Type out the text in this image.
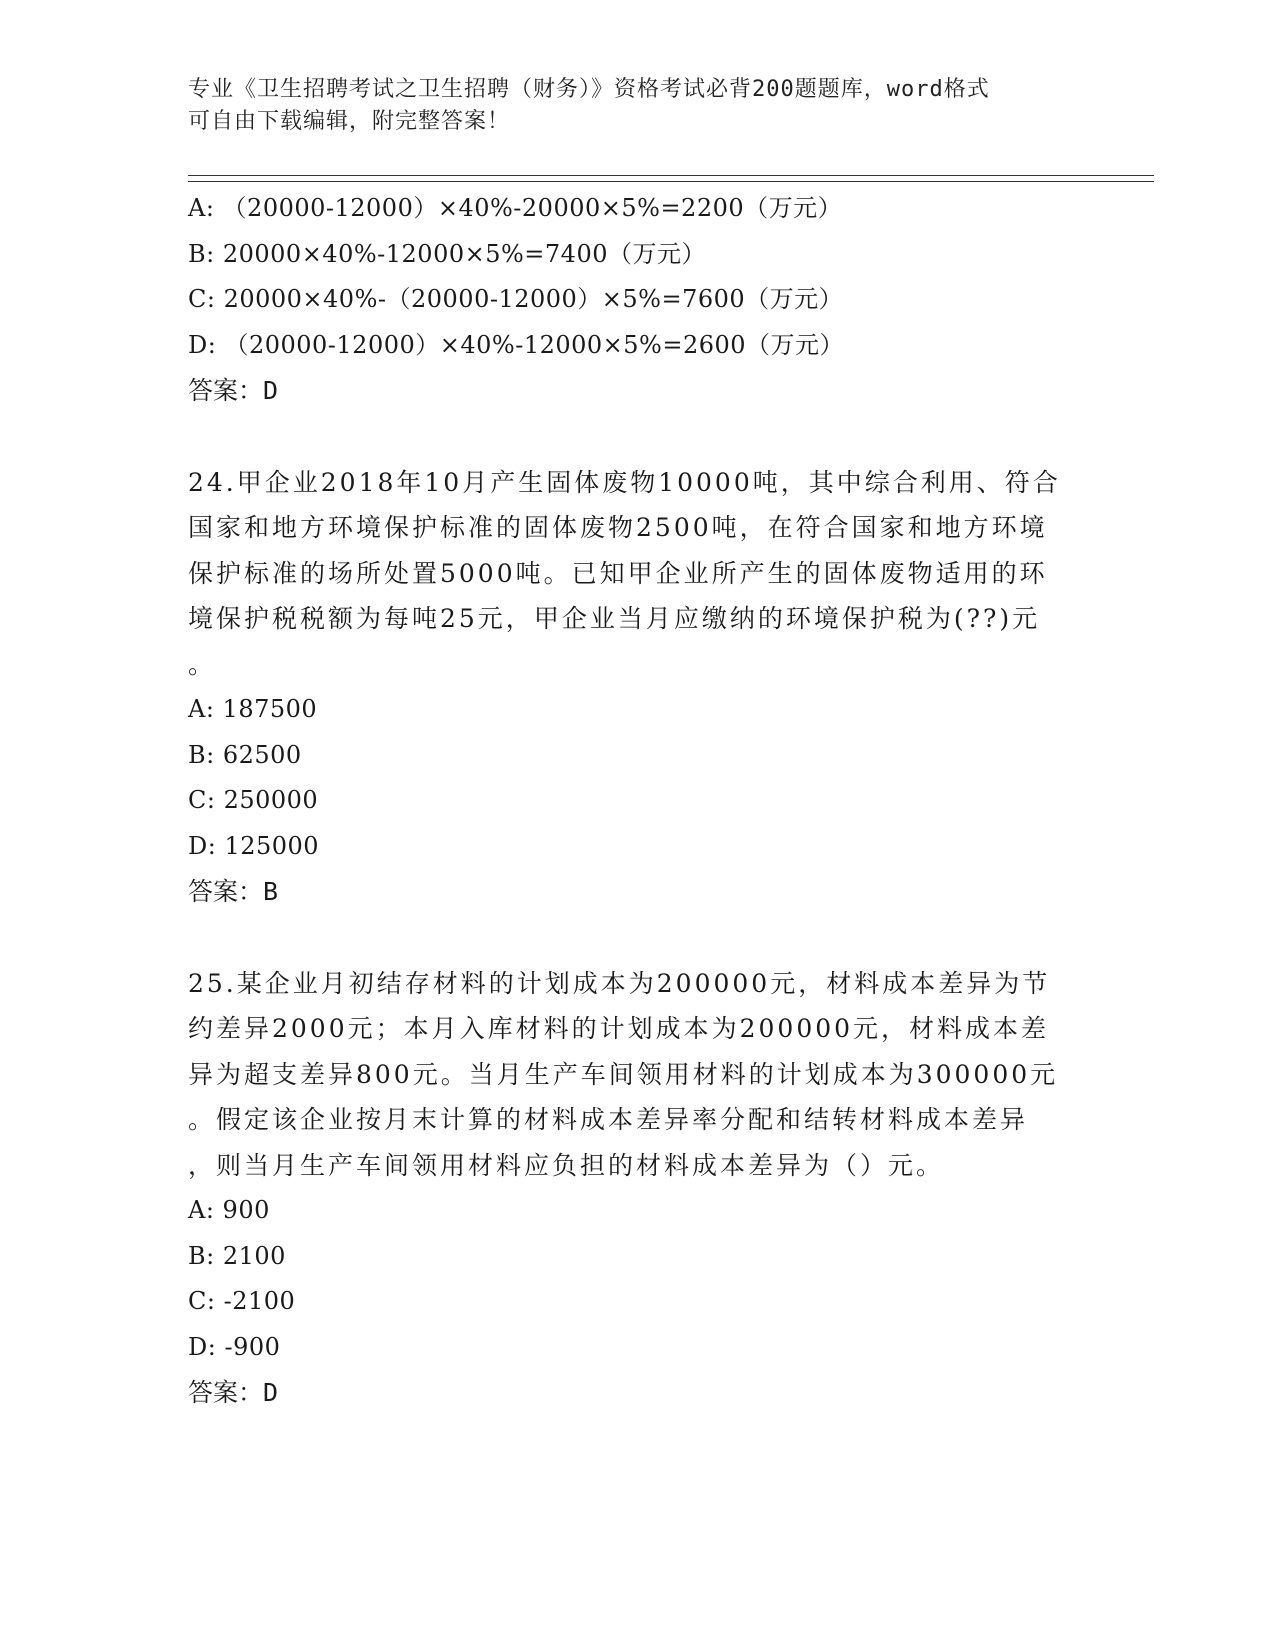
专业《卫生招聘考试之卫生招聘（财务）》资格考试必背200题题库，word格式
可自由下载编辑，附完整答案！
A: （20000-12000）×40%-20000×5%=2200（万元）
B: 20000×40%-12000×5%=7400（万元）
C: 20000×40%-（20000-12000）×5%=7600（万元）
D: （20000-12000）×40%-12000×5%=2600（万元）
答案：D
24.甲企业2018年10月产生固体废物10000吨，其中综合利用、符合
国家和地方环境保护标准的固体废物2500吨，在符合国家和地方环境
保护标准的场所处置5000吨。已知甲企业所产生的固体废物适用的环
境保护税税额为每吨25元，甲企业当月应缴纳的环境保护税为(??)元
。
A: 187500
B: 62500
C: 250000
D: 125000
答案：B
25.某企业月初结存材料的计划成本为200000元，材料成本差异为节
约差异2000元；本月入库材料的计划成本为200000元，材料成本差
异为超支差异800元。当月生产车间领用材料的计划成本为300000元
。假定该企业按月末计算的材料成本差异率分配和结转材料成本差异
，则当月生产车间领用材料应负担的材料成本差异为（）元。
A: 900
B: 2100
C: -2100
D: -900
答案：D
